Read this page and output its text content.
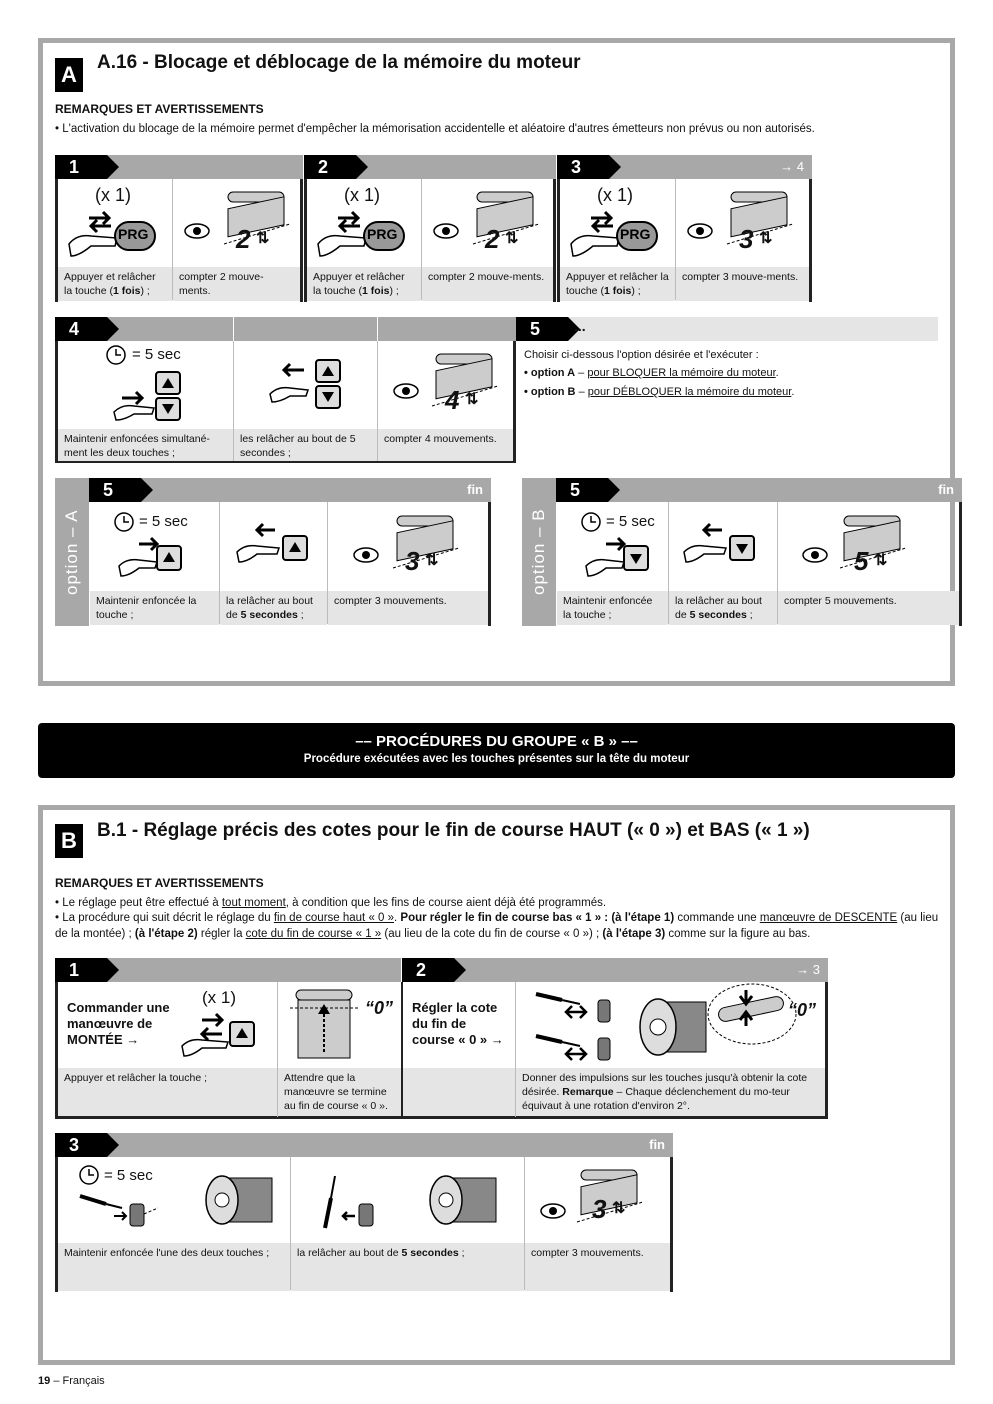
A	A.16 - Blocage et déblocage de la mémoire du moteur
REMARQUES ET AVERTISSEMENTS
• L'activation du blocage de la mémoire permet d'empêcher la mémorisation accidentelle et aléatoire d'autres émetteurs non prévus ou non autorisés.
1
(x 1)
PRG	2 ⇅
Appuyer et relâcher la touche (1 fois) ;
compter 2 mouve-ments.
2
(x 1)
PRG	2 ⇅
Appuyer et relâcher la touche (1 fois) ;
compter 2 mouve-ments.
3	→ 4
(x 1)
PRG	3 ⇅
Appuyer et relâcher la touche (1 fois) ;
compter 3 mouve-ments.
4
= 5 sec
4 ⇅
Maintenir enfoncées simultané-ment les deux touches ;
les relâcher au bout de 5 secondes ;
compter 4 mouvements.
5	...
Choisir ci-dessous l'option désirée et l'exécuter :
• option A – pour BLOQUER la mémoire du moteur.
• option B – pour DÉBLOQUER la mémoire du moteur.
option – A
5	fin
= 5 sec
3 ⇅
Maintenir enfoncée la touche ;
la relâcher au bout de 5 secondes ;
compter 3 mouvements.
option – B
5	fin
= 5 sec
5 ⇅
Maintenir enfoncée la touche ;
la relâcher au bout de 5 secondes ;
compter 5 mouvements.
–– PROCÉDURES DU GROUPE « B » ––
Procédure exécutées avec les touches présentes sur la tête du moteur
B	B.1 - Réglage précis des cotes pour le fin de course HAUT (« 0 ») et BAS (« 1 »)
REMARQUES ET AVERTISSEMENTS
• Le réglage peut être effectué à tout moment, à condition que les fins de course aient déjà été programmés.
• La procédure qui suit décrit le réglage du fin de course haut « 0 ». Pour régler le fin de course bas « 1 » : (à l'étape 1) commande une manœuvre de DESCENTE (au lieu de la montée) ; (à l'étape 2) régler la cote du fin de course « 1 » (au lieu de la cote du fin de course « 0 ») ; (à l'étape 3) comme sur la figure au bas.
1	2	→ 3
Commander une manœuvre de MONTÉE →
(x 1)
“0” Régler la cote du fin de course « 0 » →
“0”
Appuyer et relâcher la touche ;	Attendre que la manœuvre se termine au fin de course « 0 ».
Donner des impulsions sur les touches jusqu'à obtenir la cote désirée. Remarque – Chaque déclenchement du mo-teur équivaut à une rotation d'environ 2°.
3	fin
= 5 sec
3 ⇅
Maintenir enfoncée l'une des deux touches ;	la relâcher au bout de 5 secondes ;	compter 3 mouvements.
19 – Français
